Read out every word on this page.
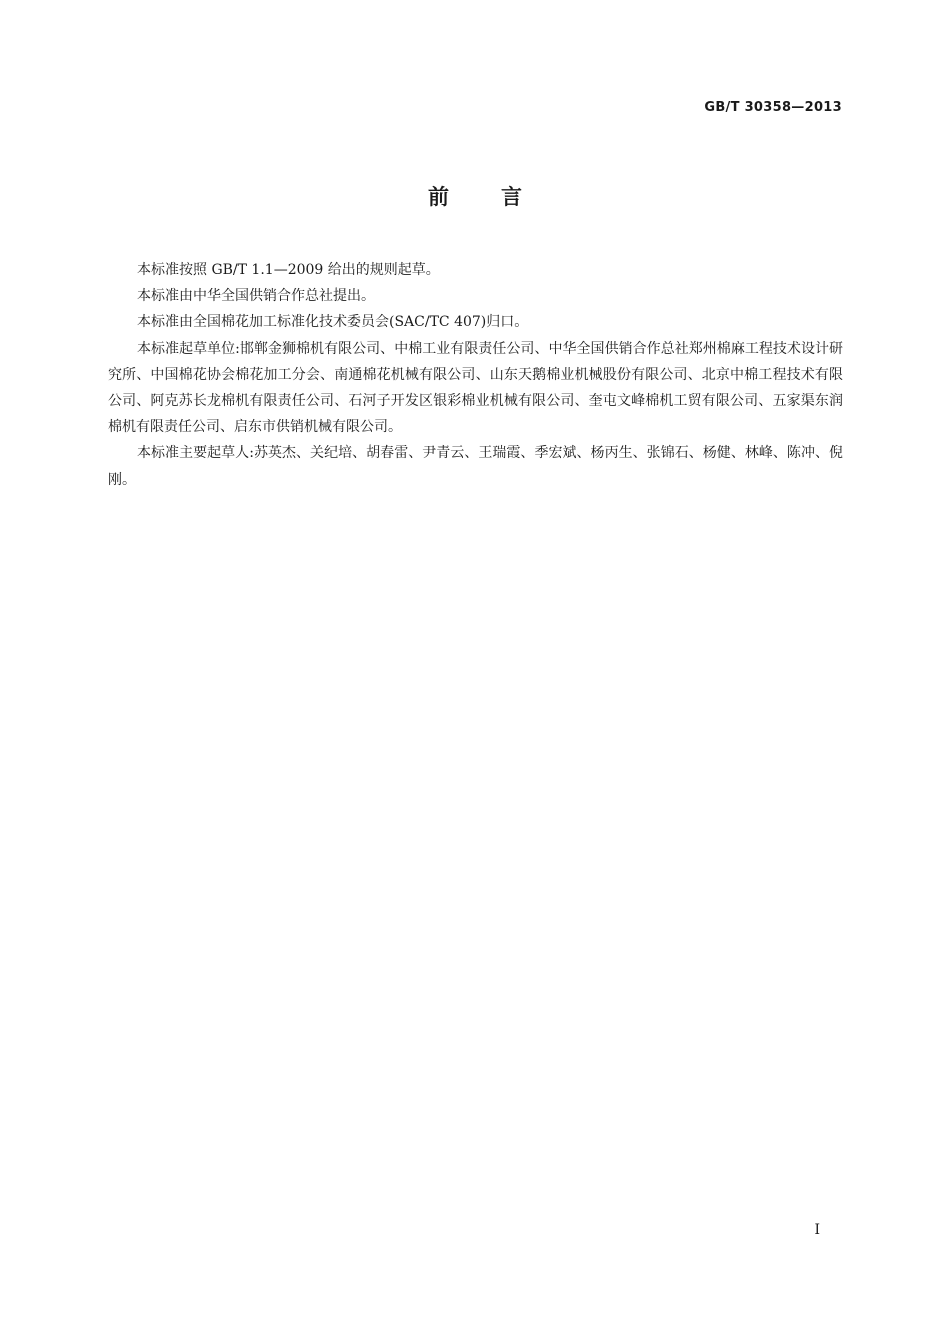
GB/T 30358—2013
前言

本标准按照 GB/T 1.1—2009 给出的规则起草。

本标准由中华全国供销合作总社提出。

本标准由全国棉花加工标准化技术委员会(SAC/TC 407)归口。

本标准起草单位:邯郸金狮棉机有限公司、中棉工业有限责任公司、中华全国供销合作总社郑州棉麻工程技术设计研究所、中国棉花协会棉花加工分会、南通棉花机械有限公司、山东天鹅棉业机械股份有限公司、北京中棉工程技术有限公司、阿克苏长龙棉机有限责任公司、石河子开发区银彩棉业机械有限公司、奎屯文峰棉机工贸有限公司、五家渠东润棉机有限责任公司、启东市供销机械有限公司。

本标准主要起草人:苏英杰、关纪培、胡春雷、尹青云、王瑞霞、季宏斌、杨丙生、张锦石、杨健、林峰、陈冲、倪刚。

I
